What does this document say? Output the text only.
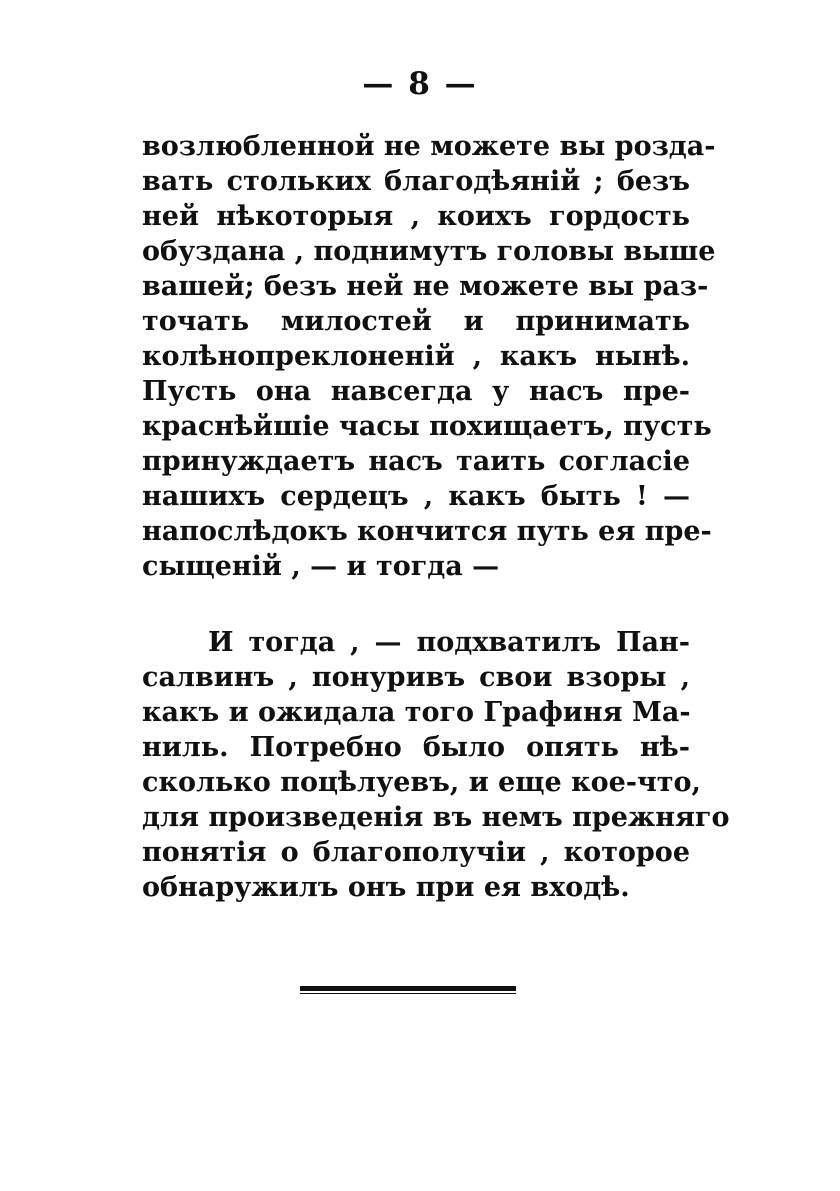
— 8 —
возлюбленной не можете вы розда-
вать стольких благодѣянiй ; безъ
ней нѣкоторыя , коихъ гордость
обуздана , поднимутъ головы выше
вашей; безъ ней не можете вы раз-
точать милостей и принимать
колѣнопреклоненiй , какъ нынѣ.
Пусть она навсегда у насъ пре-
краснѣйшiе часы похищаетъ, пусть
принуждаетъ насъ таить согласiе
нашихъ сердецъ , какъ быть ! —
напослѣдокъ кончится путь ея пре-
сыщенiй , — и тогда —
И тогда , — подхватилъ Пан-
салвинъ , понуривъ свои взоры ,
какъ и ожидала того Графиня Ма-
ниль. Потребно было опять нѣ-
сколько поцѣлуевъ, и еще кое-что,
для произведенiя въ немъ прежняго
понятiя о благополучiи , которое
обнаружилъ онъ при ея входѣ.
